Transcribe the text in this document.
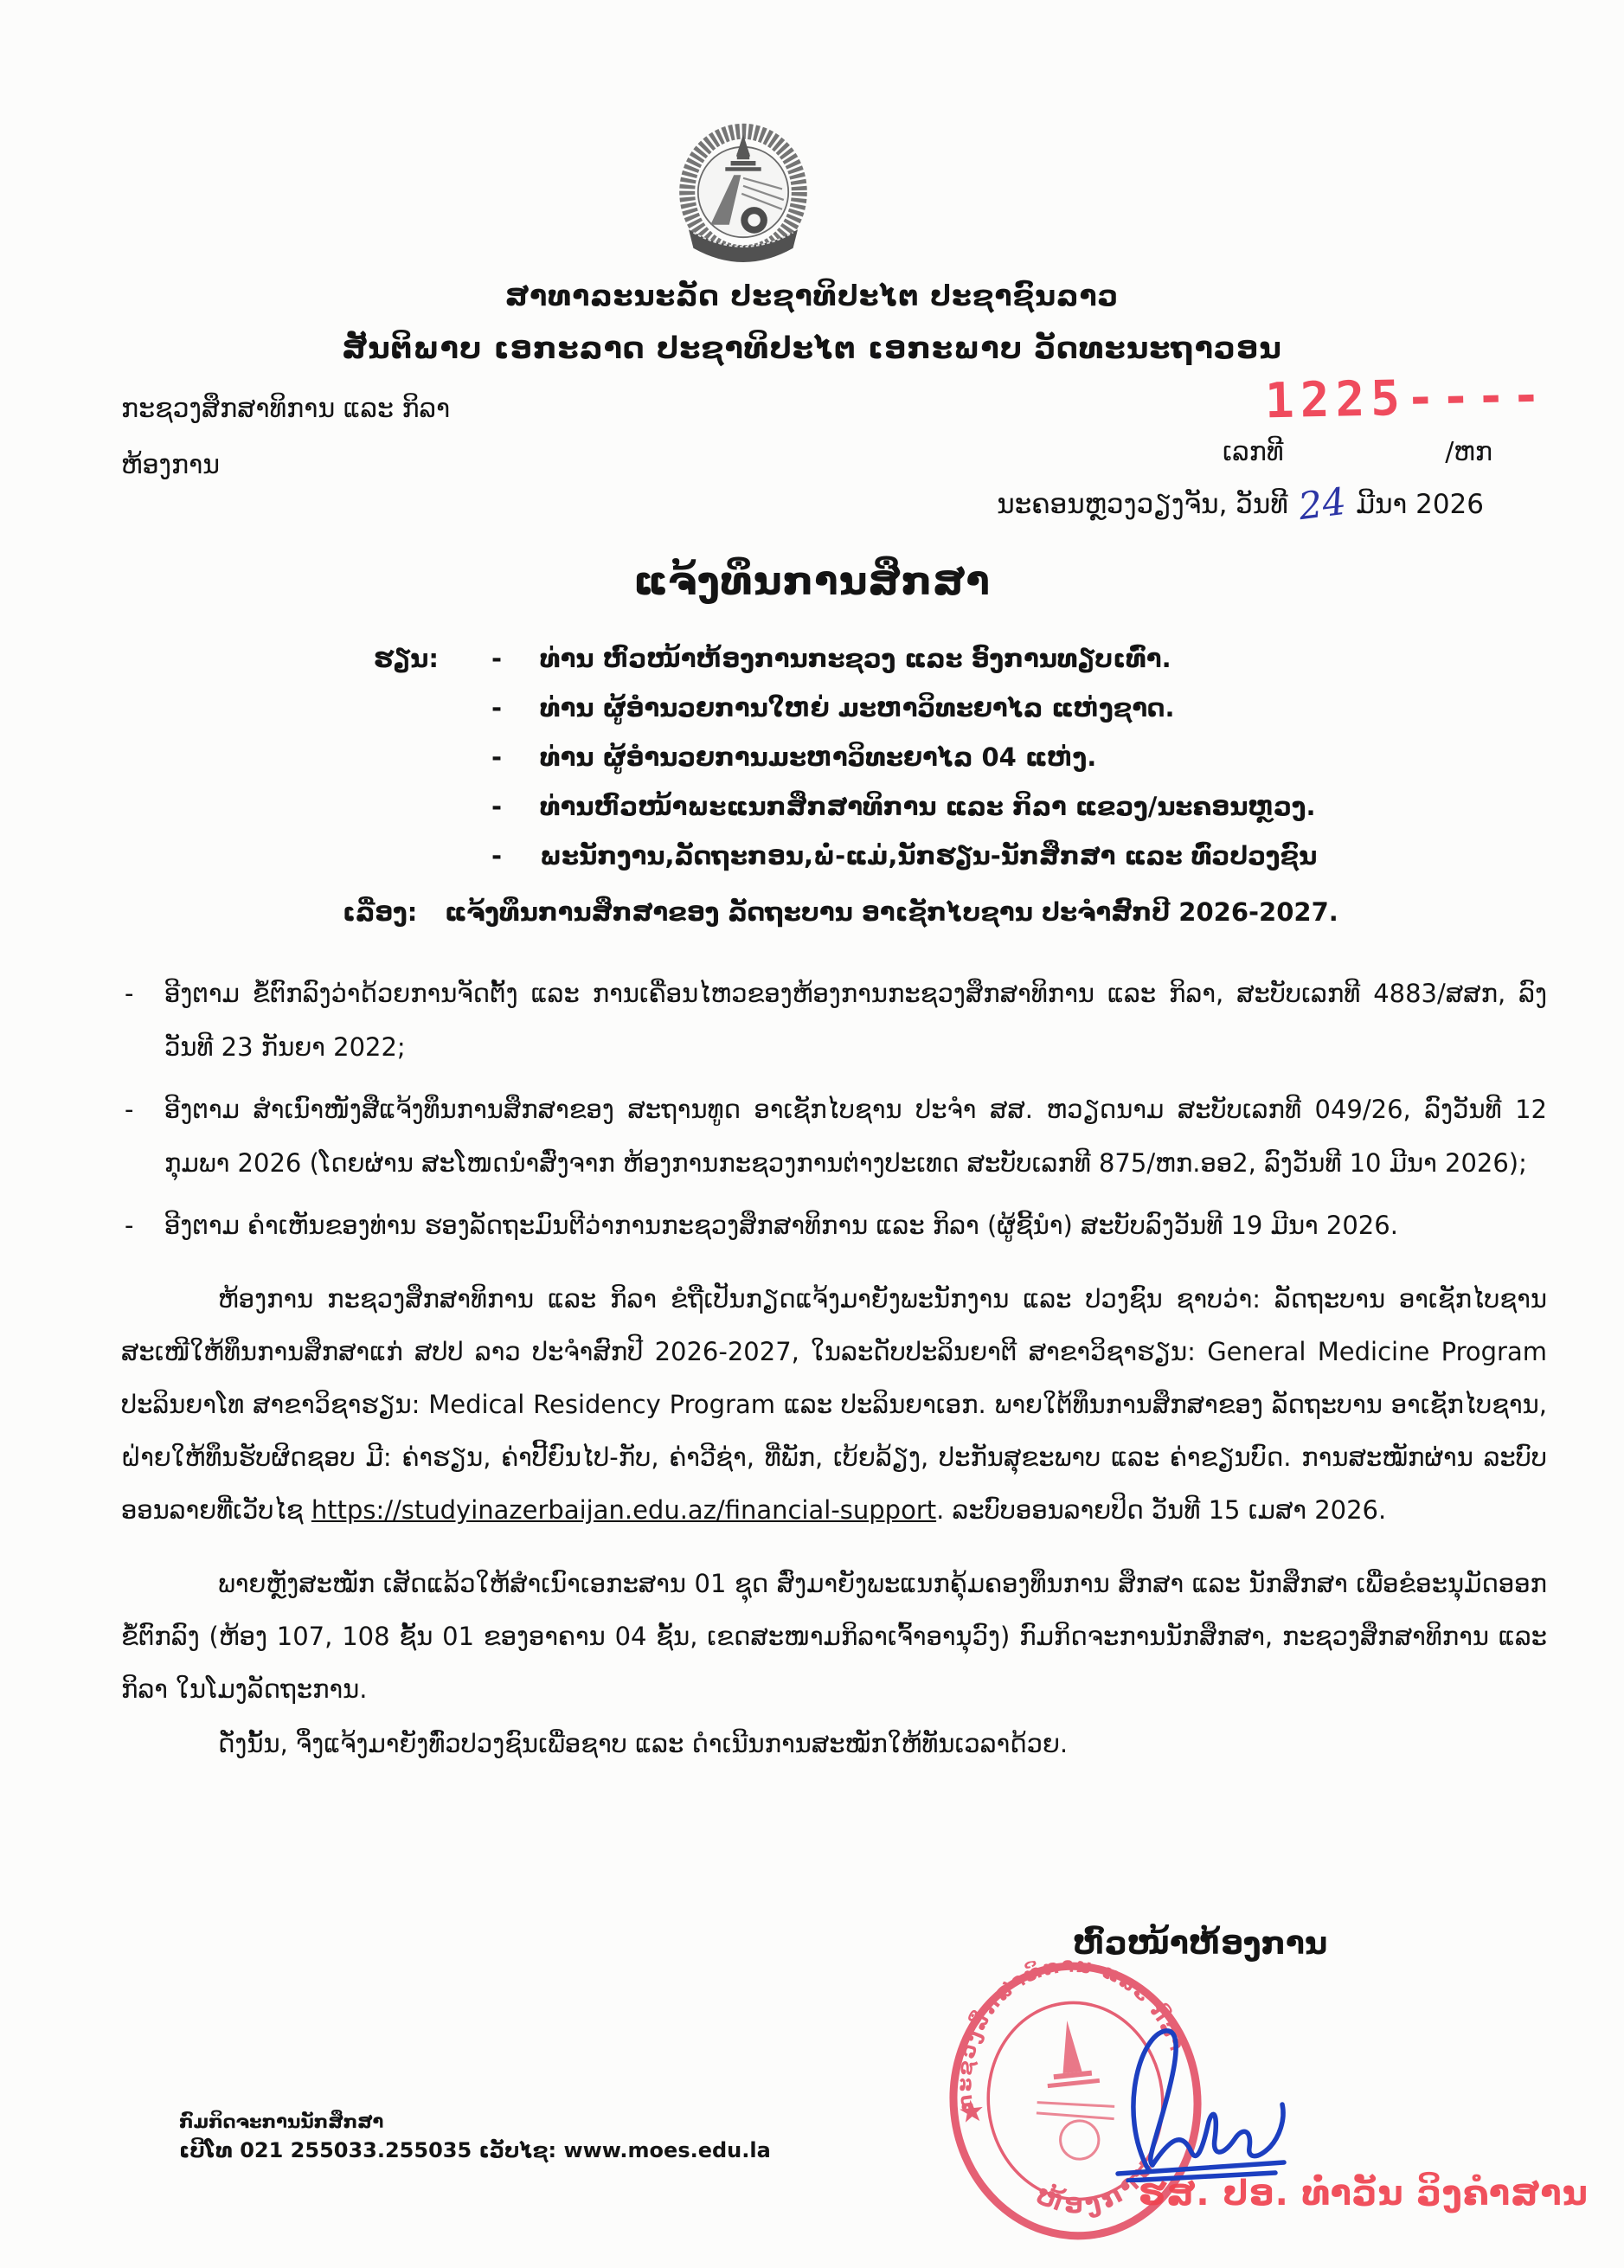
ສາທາລະນະລັດ ປະຊາທິປະໄຕ ປະຊາຊົນລາວ
ສັນຕິພາບ ເອກະລາດ ປະຊາທິປະໄຕ ເອກະພາບ ວັດທະນະຖາວອນ
ກະຊວງສຶກສາທິການ ແລະ ກິລາ
ຫ້ອງການ
1225----
ເລກທີ	/ຫກ
ນະຄອນຫຼວງວຽງຈັນ, ວັນທີ 24 ມີນາ 2026
ແຈ້ງທຶນການສຶກສາ
ຮຽນ:	-	ທ່ານ ຫົວໜ້າຫ້ອງການກະຊວງ ແລະ ອົງການທຽບເທົ່າ.
-	ທ່ານ ຜູ້ອຳນວຍການໃຫຍ່ ມະຫາວິທະຍາໄລ ແຫ່ງຊາດ.
-	ທ່ານ ຜູ້ອຳນວຍການມະຫາວິທະຍາໄລ 04 ແຫ່ງ.
-	ທ່ານຫົວໜ້າພະແນກສຶກສາທິການ ແລະ ກິລາ ແຂວງ/ນະຄອນຫຼວງ.
-	ພະນັກງານ,ລັດຖະກອນ,ພໍ່-ແມ່,ນັກຮຽນ-ນັກສຶກສາ ແລະ ທົ່ວປວງຊົນ
ເລື່ອງ:	ແຈ້ງທຶນການສຶກສາຂອງ ລັດຖະບານ ອາເຊັກໄບຊານ ປະຈຳສົກປີ 2026-2027.
-	ອີງຕາມ ຂໍ້ຕົກລົງວ່າດ້ວຍການຈັດຕັ້ງ ແລະ ການເຄື່ອນໄຫວຂອງຫ້ອງການກະຊວງສຶກສາທິການ ແລະ ກິລາ, ສະບັບເລກທີ 4883/ສສກ, ລົງວັນທີ 23 ກັນຍາ 2022;
-	ອີງຕາມ ສຳເນົາໜັງສືແຈ້ງທຶນການສຶກສາຂອງ ສະຖານທູດ ອາເຊັກໄບຊານ ປະຈຳ ສສ. ຫວຽດນາມ ສະບັບເລກທີ 049/26, ລົງວັນທີ 12 ກຸມພາ 2026 (ໂດຍຜ່ານ ສະໂໜດນຳສົ່ງຈາກ ຫ້ອງການກະຊວງການຕ່າງປະເທດ ສະບັບເລກທີ 875/ຫກ.ອອ2, ລົງວັນທີ 10 ມີນາ 2026);
-	ອີງຕາມ ຄຳເຫັນຂອງທ່ານ ຮອງລັດຖະມົນຕີວ່າການກະຊວງສຶກສາທິການ ແລະ ກິລາ (ຜູ້ຊີ້ນຳ) ສະບັບລົງວັນທີ 19 ມີນາ 2026.
ຫ້ອງການ ກະຊວງສຶກສາທິການ ແລະ ກິລາ ຂໍຖືເປັນກຽດແຈ້ງມາຍັງພະນັກງານ ແລະ ປວງຊົນ ຊາບວ່າ: ລັດຖະບານ ອາເຊັກໄບຊານ ສະເໜີໃຫ້ທຶນການສຶກສາແກ່ ສປປ ລາວ ປະຈຳສົກປີ 2026-2027, ໃນລະດັບປະລິນຍາຕີ ສາຂາວິຊາຮຽນ: General Medicine Program ປະລິນຍາໂທ ສາຂາວິຊາຮຽນ: Medical Residency Program ແລະ ປະລິນຍາເອກ. ພາຍໃຕ້ທຶນການສຶກສາຂອງ ລັດຖະບານ ອາເຊັກໄບຊານ, ຝ່າຍໃຫ້ທຶນຮັບຜິດຊອບ ມີ: ຄ່າຮຽນ, ຄ່າປີ້ຍົນໄປ-ກັບ, ຄ່າວີຊ່າ, ທີ່ພັກ, ເບ້ຍລ້ຽງ, ປະກັນສຸຂະພາບ ແລະ ຄ່າຂຽນບົດ. ການສະໝັກຜ່ານ ລະບົບອອນລາຍທີ່ເວັບໄຊ https://studyinazerbaijan.edu.az/financial-support. ລະບົບອອນລາຍປິດ ວັນທີ 15 ເມສາ 2026.
ພາຍຫຼັງສະໝັກ ເສັດແລ້ວໃຫ້ສຳເນົາເອກະສານ 01 ຊຸດ ສົ່ງມາຍັງພະແນກຄຸ້ມຄອງທຶນການ ສຶກສາ ແລະ ນັກສຶກສາ ເພື່ອຂໍອະນຸມັດອອກຂໍ້ຕົກລົງ (ຫ້ອງ 107, 108 ຊັ້ນ 01 ຂອງອາຄານ 04 ຊັ້ນ, ເຂດສະໜາມກິລາເຈົ້າອານຸວົງ) ກົມກິດຈະການນັກສຶກສາ, ກະຊວງສຶກສາທິການ ແລະ ກິລາ ໃນໂມງລັດຖະການ.
ດັ່ງນັ້ນ, ຈຶ່ງແຈ້ງມາຍັງທົ່ວປວງຊົນເພື່ອຊາບ ແລະ ດຳເນີນການສະໝັກໃຫ້ທັນເວລາດ້ວຍ.
ຫົວໜ້າຫ້ອງການ
ກະຊວງສຶກສາທິການ ແລະ ກິລາ
ຫ້ອງການ
ຮສ. ປອ. ທ່ຳວັນ ວິງຄຳສານ
ກົມກິດຈະການນັກສຶກສາ
ເບີໂທ 021 255033.255035 ເວັບໄຊ: www.moes.edu.la
